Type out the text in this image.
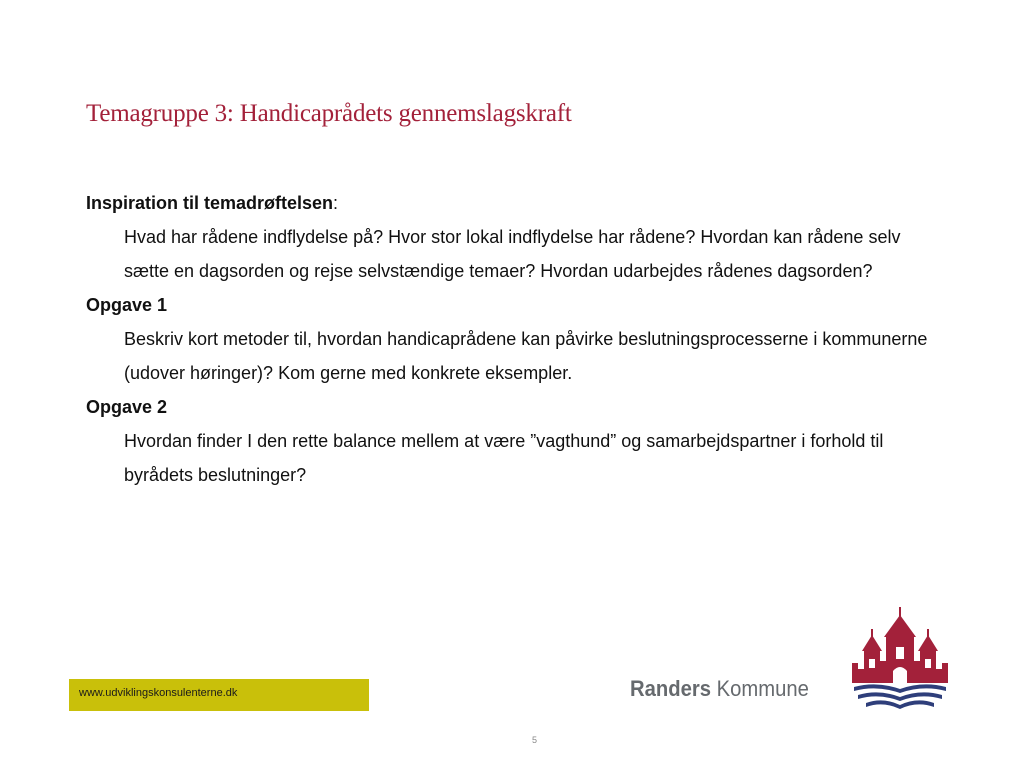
Temagruppe 3: Handicaprådets gennemslagskraft

Inspiration til temadrøftelsen:

Hvad har rådene indflydelse på? Hvor stor lokal indflydelse har rådene? Hvordan kan rådene selv sætte en dagsorden og rejse selvstændige temaer? Hvordan udarbejdes rådenes dagsorden?

Opgave 1

Beskriv kort metoder til, hvordan handicaprådene kan påvirke beslutningsprocesserne i kommunerne (udover høringer)? Kom gerne med konkrete eksempler.

Opgave 2

Hvordan finder I den rette balance mellem at være ”vagthund” og samarbejdspartner i forhold til byrådets beslutninger?

www.udviklingskonsulenterne.dk	Randers Kommune
5
